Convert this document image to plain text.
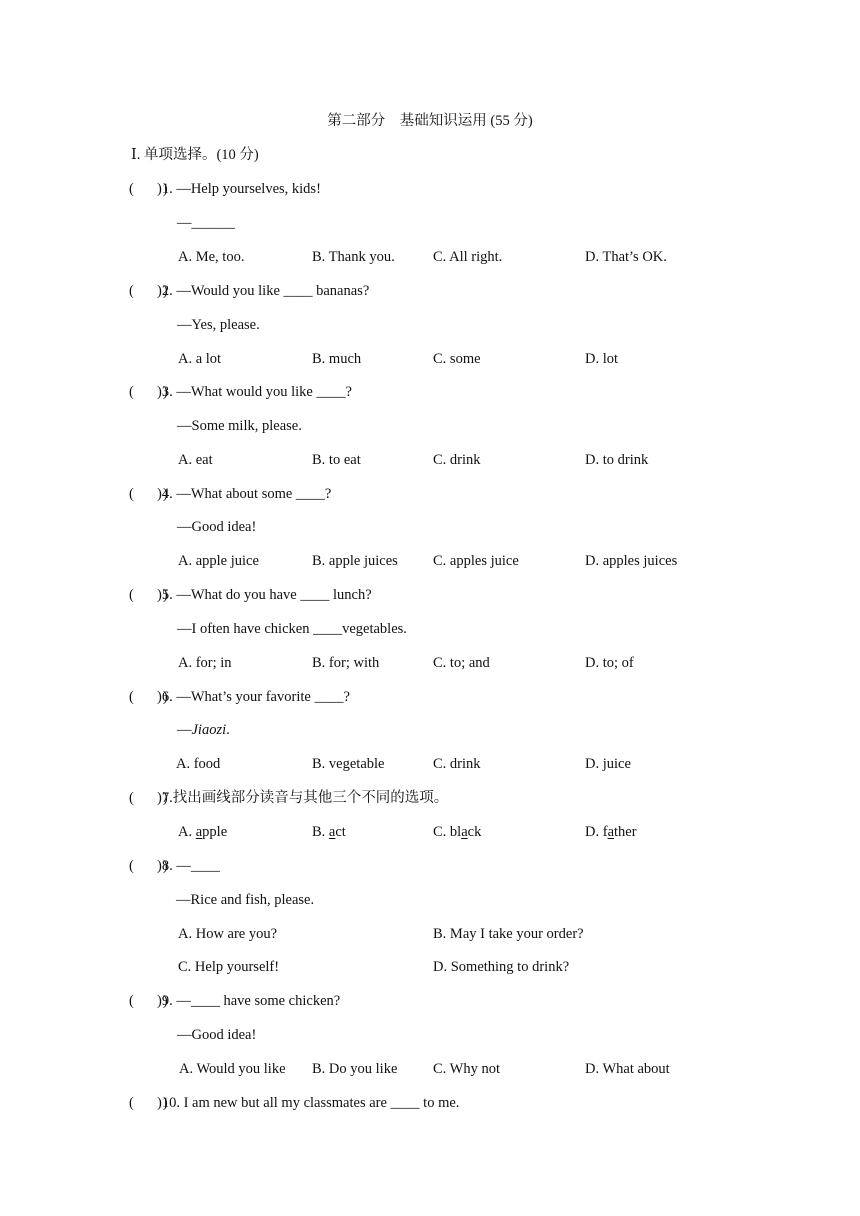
第二部分　基础知识运用 (55 分)
Ⅰ. 单项选择。(10 分)
(　　)
)1. —Help yourselves, kids!
—______
A. Me, too.	B. Thank you.	C. All right.	D. That’s OK.
(　　)
)2. —Would you like ____ bananas?
—Yes, please.
A. a lot	B. much	C. some	D. lot
(　　)
)3. —What would you like ____?
—Some milk, please.
A. eat	B. to eat	C. drink	D. to drink
(　　)
)4. —What about some ____?
—Good idea!
A. apple juice	B. apple juices C. apples juice	D. apples juices
(　　)
)5. —What do you have ____ lunch?
—I often have chicken ____vegetables.
A. for; in	B. for; with	C. to; and	D. to; of
(　　)
)6. —What’s your favorite ____?
—Jiaozi.
A. food	B. vegetable	C. drink	D. juice
(　　)
)7.找出画线部分读音与其他三个不同的选项。
A. apple	B. act	C. black	D. father
(　　)
)8. —____
—Rice and fish, please.
A. How are you?	B. May I take your order?
C. Help yourself!	D. Something to drink?
(　　)
)9. —____ have some chicken?
—Good idea!
A. Would you like B. Do you like C. Why not	D. What about
(　　)
)10. I am new but all my classmates are ____ to me.
